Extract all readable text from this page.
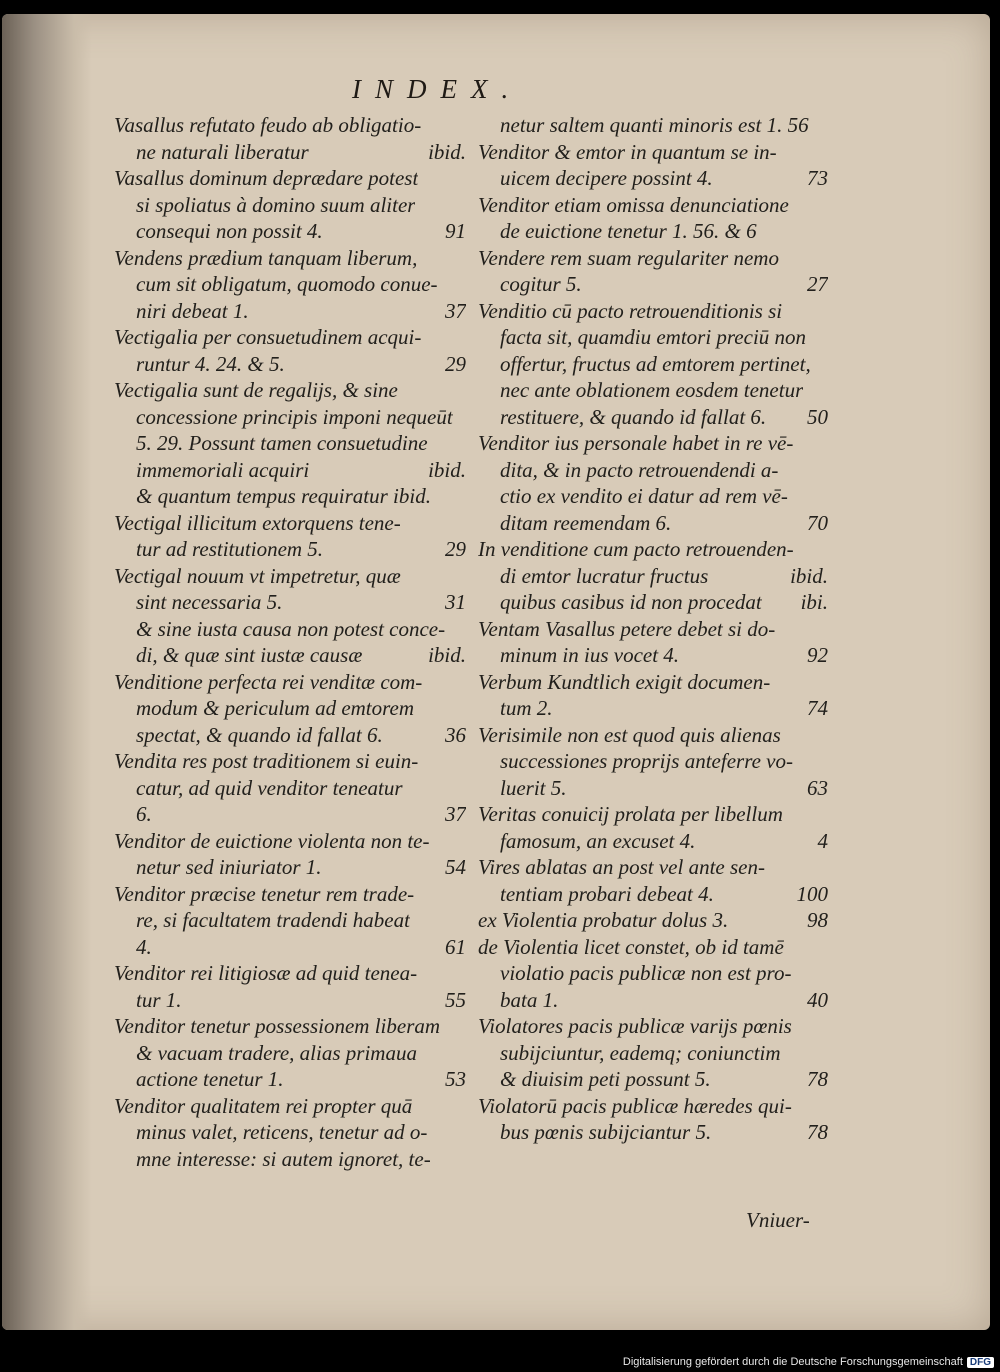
INDEX.
Vasallus refutato feudo ab obligatio-
ne naturali liberatur	ibid.
Vasallus dominum deprædare potest
si spoliatus à domino suum aliter
consequi non possit 4.	91
Vendens prædium tanquam liberum,
cum sit obligatum, quomodo conue-
niri debeat 1.	37
Vectigalia per consuetudinem acqui-
runtur 4. 24. & 5.	29
Vectigalia sunt de regalijs, & sine
concessione principis imponi nequeūt
5. 29. Possunt tamen consuetudine
immemoriali acquiri	ibid.
& quantum tempus requiratur ibid.
Vectigal illicitum extorquens tene-
tur ad restitutionem 5.	29
Vectigal nouum vt impetretur, quæ
sint necessaria 5.	31
& sine iusta causa non potest conce-
di, & quæ sint iustæ causæ	ibid.
Venditione perfecta rei venditæ com-
modum & periculum ad emtorem
spectat, & quando id fallat 6.	36
Vendita res post traditionem si euin-
catur, ad quid venditor teneatur
6.	37
Venditor de euictione violenta non te-
netur sed iniuriator 1.	54
Venditor præcise tenetur rem trade-
re, si facultatem tradendi habeat
4.	61
Venditor rei litigiosæ ad quid tenea-
tur 1.	55
Venditor tenetur possessionem liberam
& vacuam tradere, alias primaua
actione tenetur 1.	53
Venditor qualitatem rei propter quā
minus valet, reticens, tenetur ad o-
mne interesse: si autem ignoret, te-
netur saltem quanti minoris est 1. 56
Venditor & emtor in quantum se in-
uicem decipere possint 4.	73
Venditor etiam omissa denunciatione
de euictione tenetur 1. 56. & 6
Vendere rem suam regulariter nemo
cogitur 5.	27
Venditio cū pacto retrouenditionis si
facta sit, quamdiu emtori preciū non
offertur, fructus ad emtorem pertinet,
nec ante oblationem eosdem tenetur
restituere, & quando id fallat 6.	50
Venditor ius personale habet in re vē-
dita, & in pacto retrouendendi a-
ctio ex vendito ei datur ad rem vē-
ditam reemendam 6.	70
In venditione cum pacto retrouenden-
di emtor lucratur fructus	ibid.
quibus casibus id non procedat	ibi.
Ventam Vasallus petere debet si do-
minum in ius vocet 4.	92
Verbum Kundtlich exigit documen-
tum 2.	74
Verisimile non est quod quis alienas
successiones proprijs anteferre vo-
luerit 5.	63
Veritas conuicij prolata per libellum
famosum, an excuset 4.	4
Vires ablatas an post vel ante sen-
tentiam probari debeat 4.	100
ex Violentia probatur dolus 3.	98
de Violentia licet constet, ob id tamē
violatio pacis publicæ non est pro-
bata 1.	40
Violatores pacis publicæ varijs pœnis
subijciuntur, eademq; coniunctim
& diuisim peti possunt 5.	78
Violatorū pacis publicæ hæredes qui-
bus pœnis subijciantur 5.	78
Vniuer-
Digitalisierung gefördert durch die Deutsche Forschungsgemeinschaft DFG
